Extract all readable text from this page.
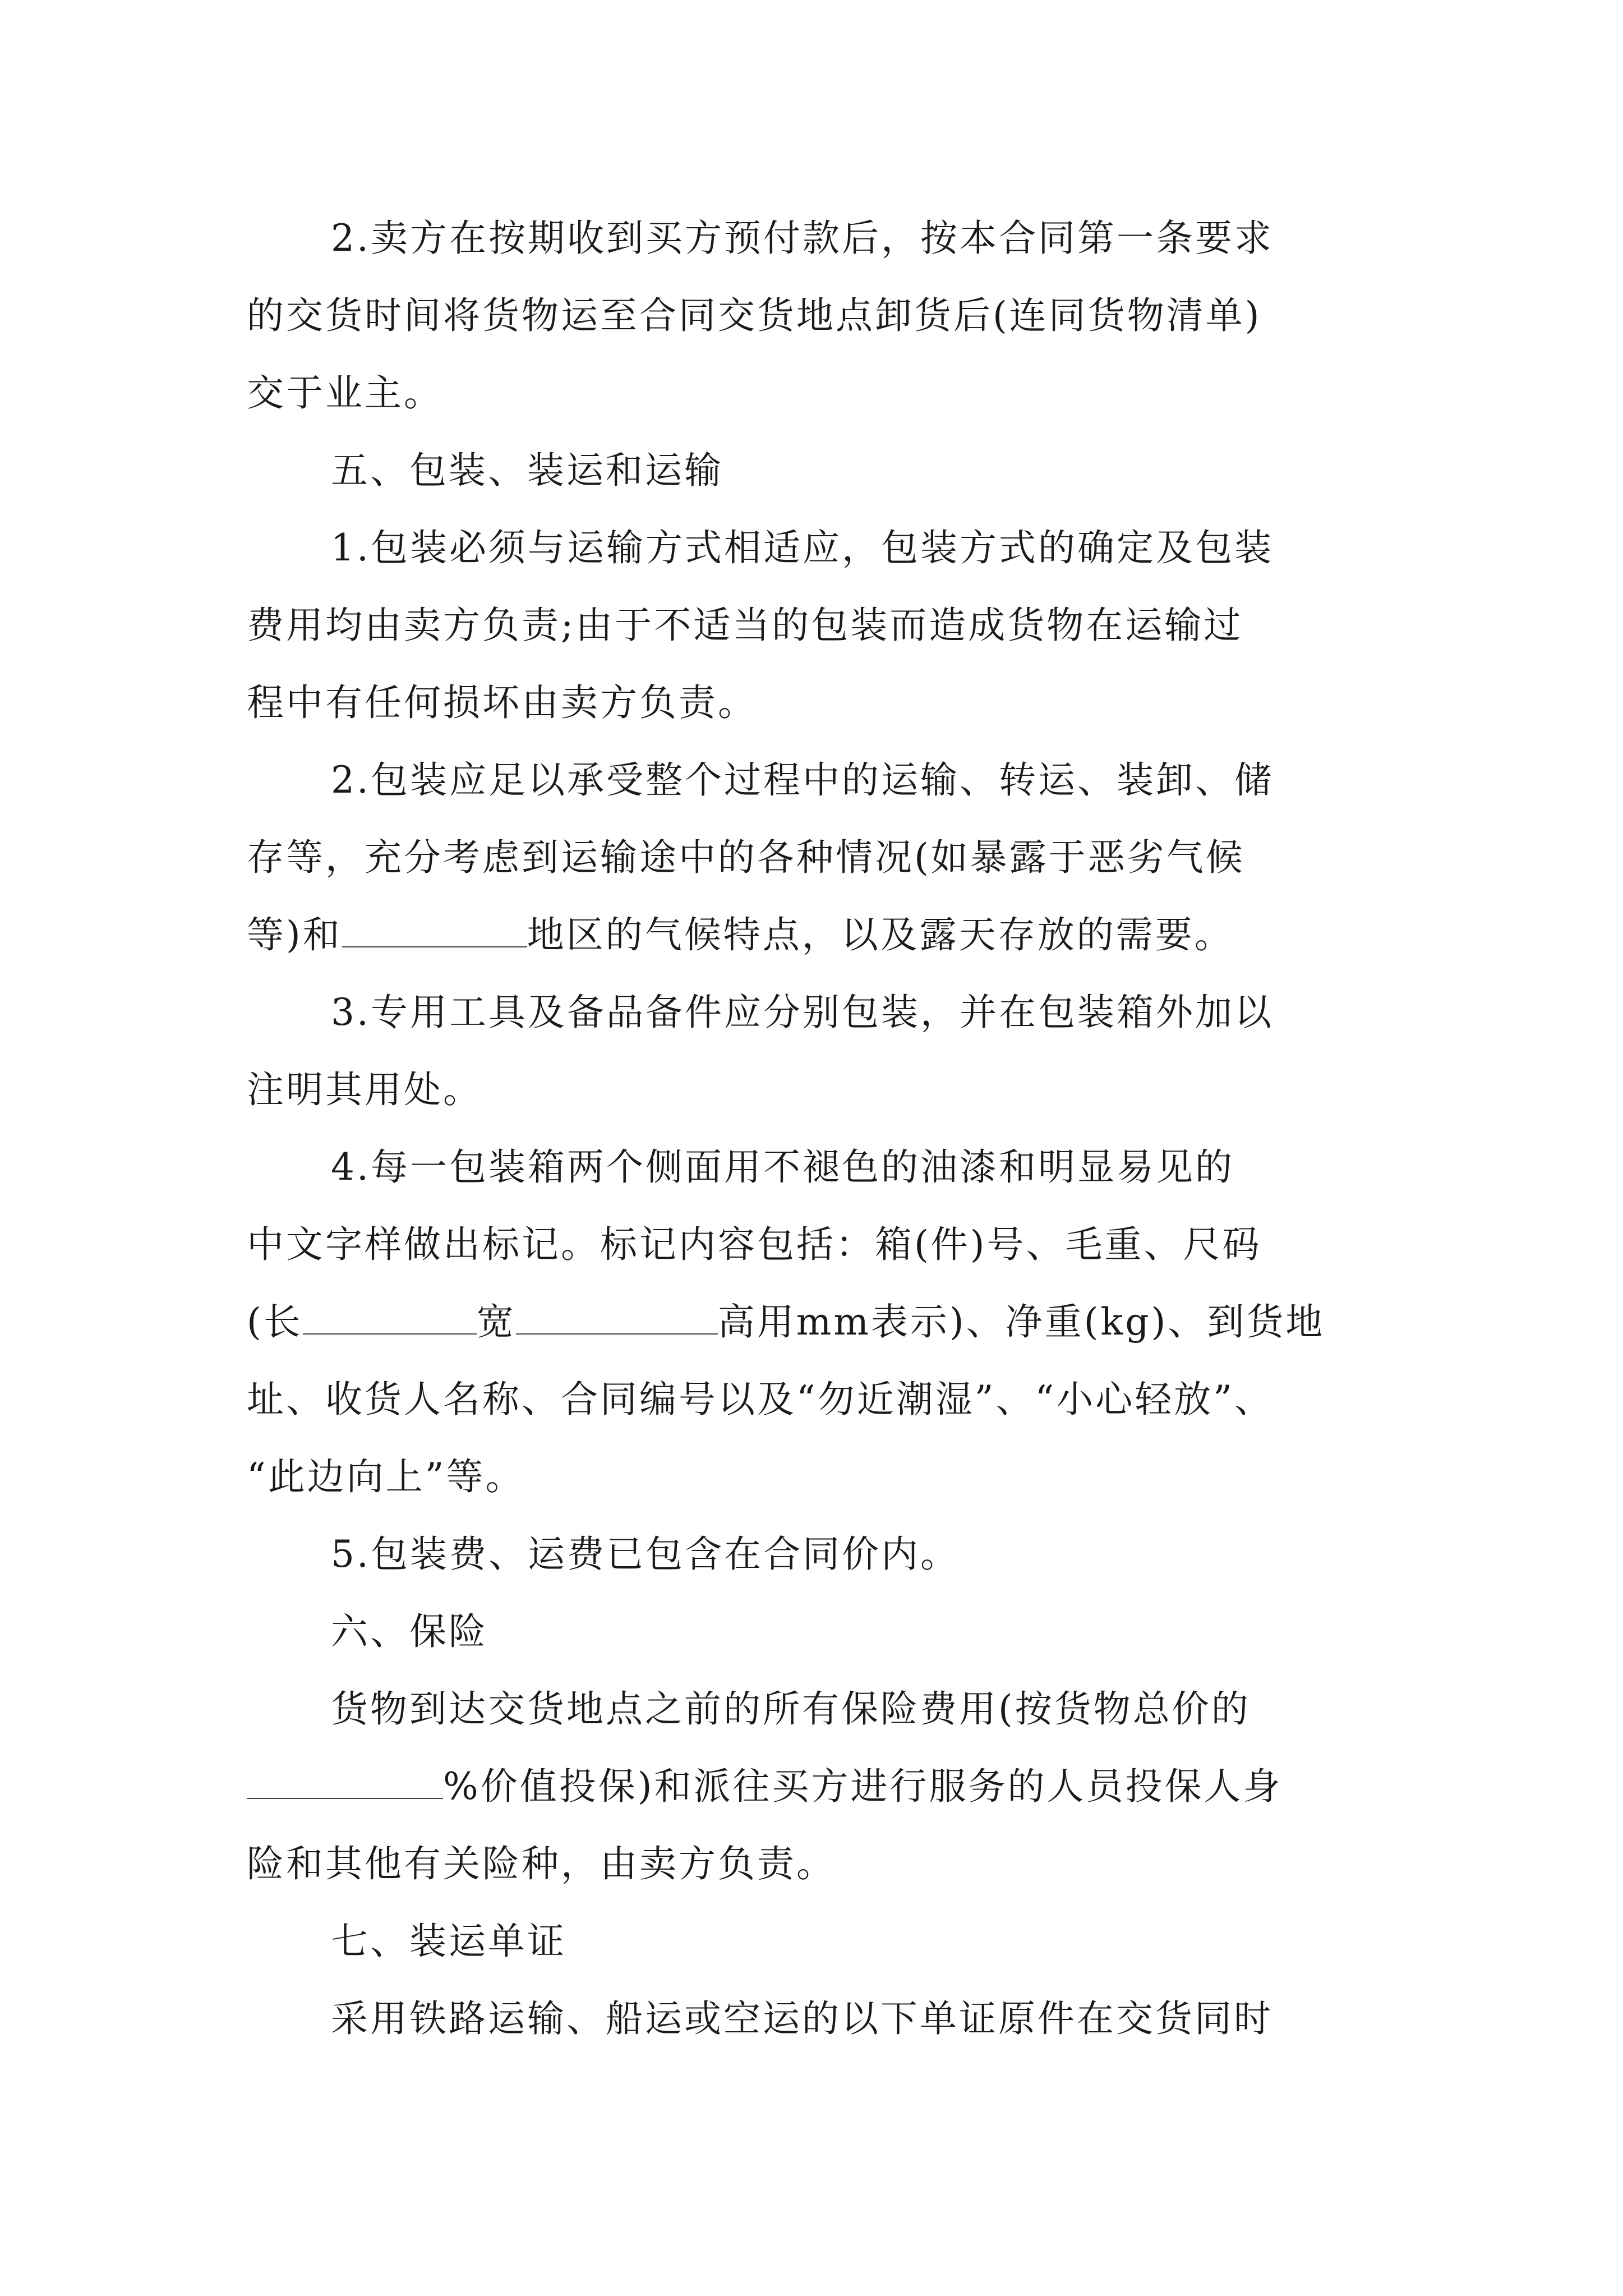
2.卖方在按期收到买方预付款后，按本合同第一条要求
的交货时间将货物运至合同交货地点卸货后(连同货物清单)
交于业主。
五、包装、装运和运输
1.包装必须与运输方式相适应，包装方式的确定及包装
费用均由卖方负责;由于不适当的包装而造成货物在运输过
程中有任何损坏由卖方负责。
2.包装应足以承受整个过程中的运输、转运、装卸、储
存等，充分考虑到运输途中的各种情况(如暴露于恶劣气候
等)和	地区的气候特点，以及露天存放的需要。
3.专用工具及备品备件应分别包装，并在包装箱外加以
注明其用处。
4.每一包装箱两个侧面用不褪色的油漆和明显易见的
中文字样做出标记。标记内容包括：箱(件)号、毛重、尺码
(长	宽	高用mm表示)、净重(kg)、到货地
址、收货人名称、合同编号以及“勿近潮湿”、“小心轻放”、
“此边向上”等。
5.包装费、运费已包含在合同价内。
六、保险
货物到达交货地点之前的所有保险费用(按货物总价的
%价值投保)和派往买方进行服务的人员投保人身
险和其他有关险种，由卖方负责。
七、装运单证
采用铁路运输、船运或空运的以下单证原件在交货同时
